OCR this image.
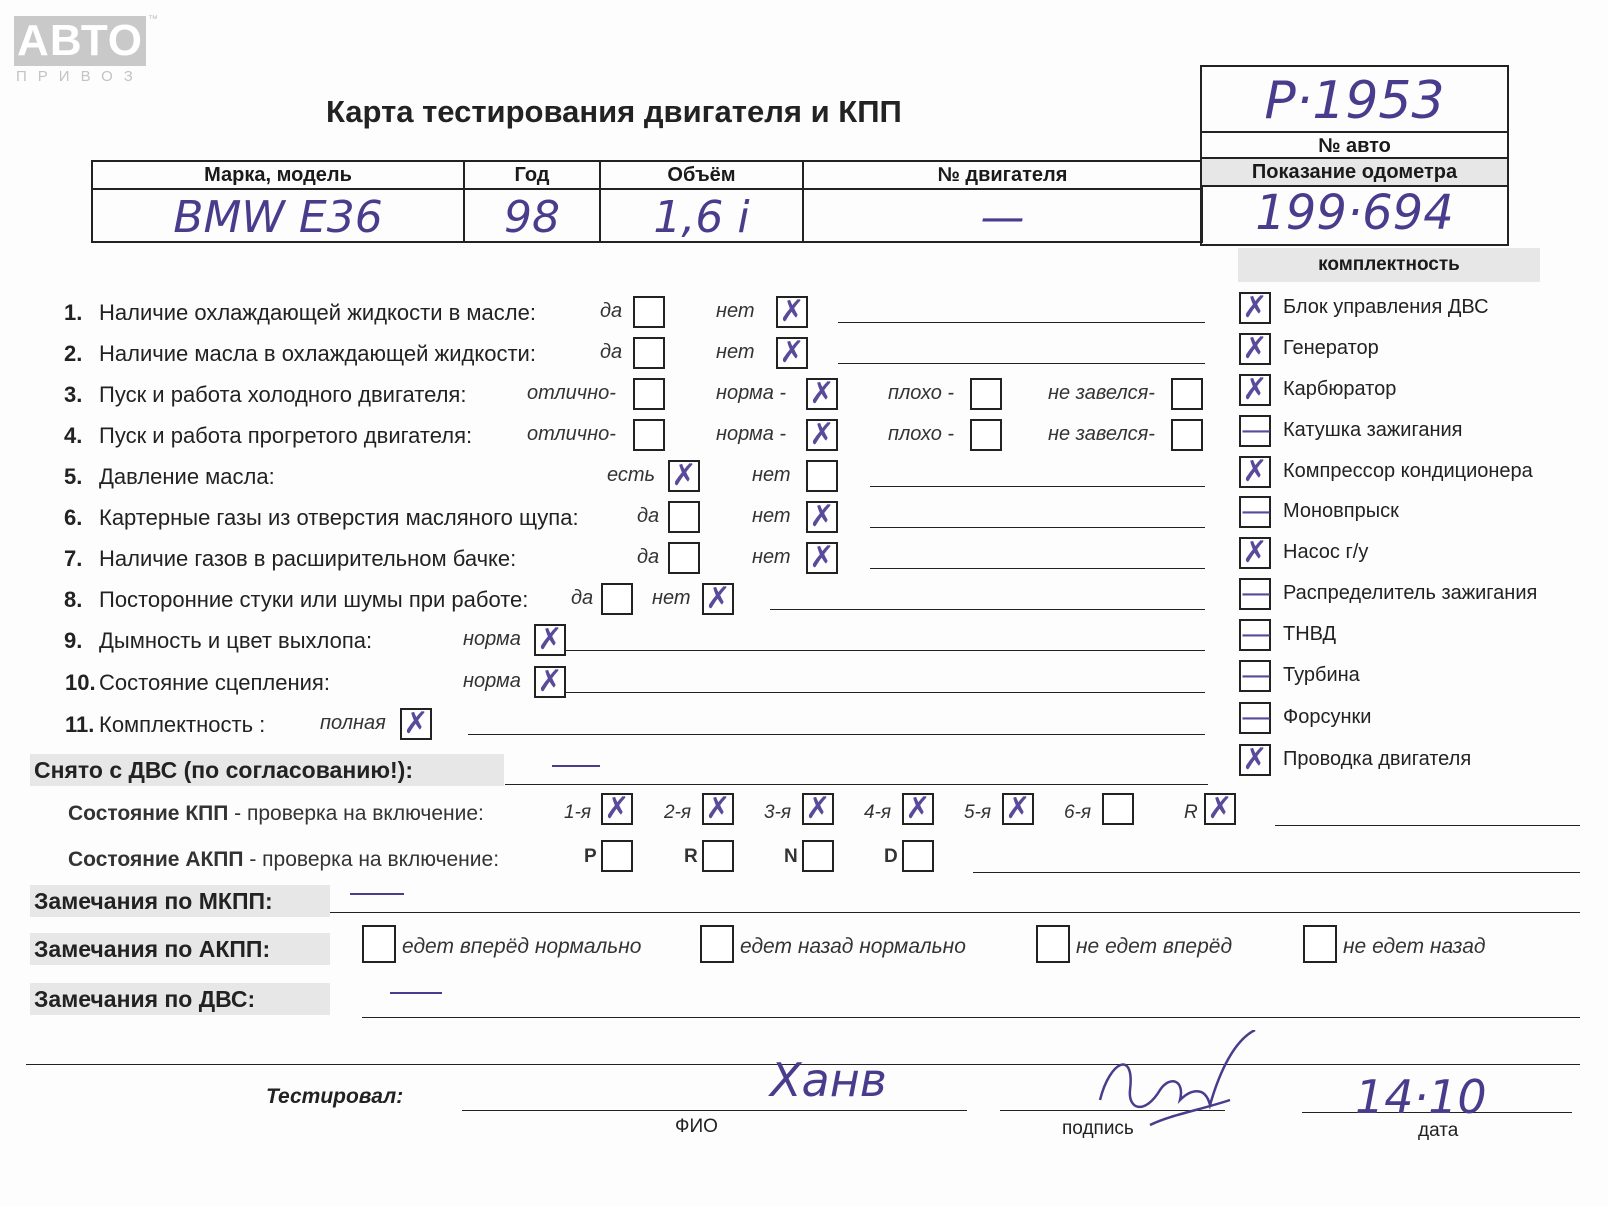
АВТО ™
ПРИВОЗ
Карта тестирования двигателя и КПП
Марка, модель	Год	Объём	№ двигателя

BMW E36	98	1,6 i	—
Р·1953
№ авто
Показание одометра
199·694
1. Наличие охлаждающей жидкости в масле:	да	нет ✗
2. Наличие масла в охлаждающей жидкости:	да	нет ✗
3. Пуск и работа холодного двигателя:	отлично-	норма - ✗	плохо -	не завелся-
4. Пуск и работа прогретого двигателя:	отлично-	норма - ✗	плохо -	не завелся-
5. Давление масла:	есть ✗	нет
6. Картерные газы из отверстия масляного щупа:	да	нет ✗
7. Наличие газов в расширительном бачке:	да	нет ✗
8. Посторонние стуки или шумы при работе: да	нет ✗
9. Дымность и цвет выхлопа:	норма ✗
10. Состояние сцепления:	норма ✗
11. Комплектность :	полная ✗
комплектность
✗ Блок управления ДВС
✗ Генератор
✗ Карбюратор
— Катушка зажигания
✗ Компрессор кондиционера
— Моновпрыск
✗ Насос г/у
— Распределитель зажигания
— ТНВД
— Турбина
— Форсунки
✗ Проводка двигателя
Снято с ДВС (по согласованию!):
Состояние КПП - проверка на включение:	1-я ✗ 2-я ✗ 3-я ✗ 4-я ✗ 5-я ✗ 6-я	R ✗
Состояние АКПП - проверка на включение:	P	R	N	D
Замечания по МКПП:
Замечания по АКПП:	едет вперёд нормально	едет назад нормально	не едет вперёд	не едет назад
Замечания по ДВС:
Тестировал:	Ханв
ФИО	подпись
14·10
дата
